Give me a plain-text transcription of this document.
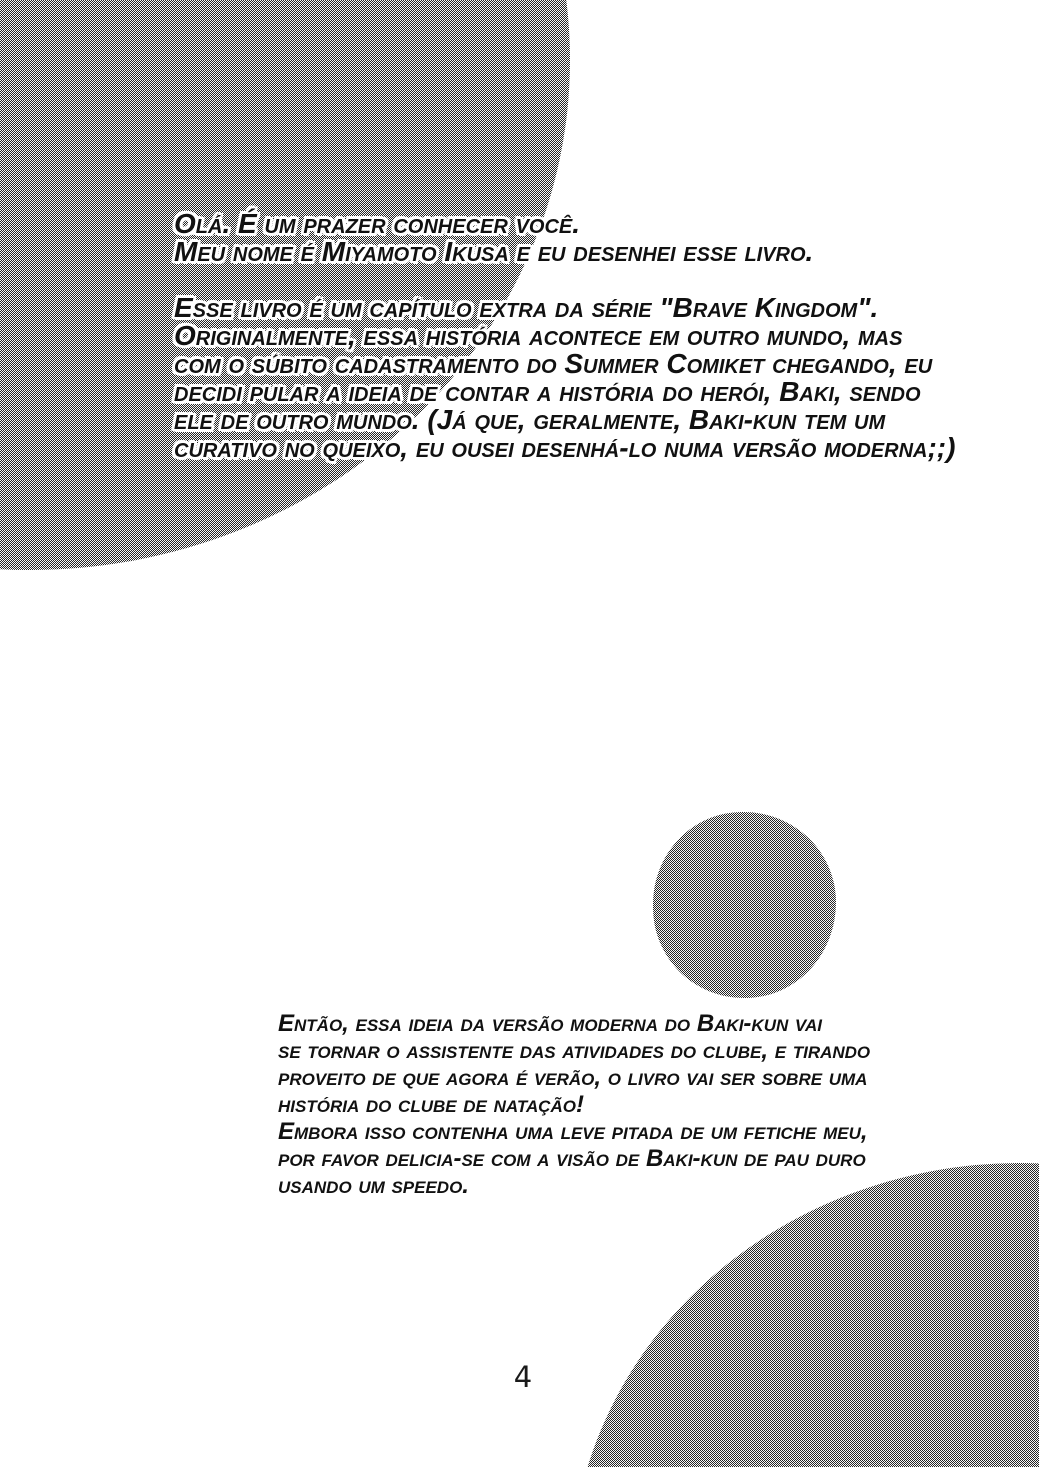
Olá. É um prazer conhecer você.
Meu nome é Miyamoto Ikusa e eu desenhei esse livro.
Esse livro é um capítulo extra da série "Brave Kingdom".
Originalmente, essa história acontece em outro mundo, mas
com o súbito cadastramento do Summer Comiket chegando, eu
decidi pular a ideia de contar a história do herói, Baki, sendo
ele de outro mundo. (Já que, geralmente, Baki-kun tem um
curativo no queixo, eu ousei desenhá-lo numa versão moderna;;)
Então, essa ideia da versão moderna do Baki-kun vai
se tornar o assistente das atividades do clube, e tirando
proveito de que agora é verão, o livro vai ser sobre uma
história do clube de natação!
Embora isso contenha uma leve pitada de um fetiche meu,
por favor delicia-se com a visão de Baki-kun de pau duro
usando um speedo.
4
